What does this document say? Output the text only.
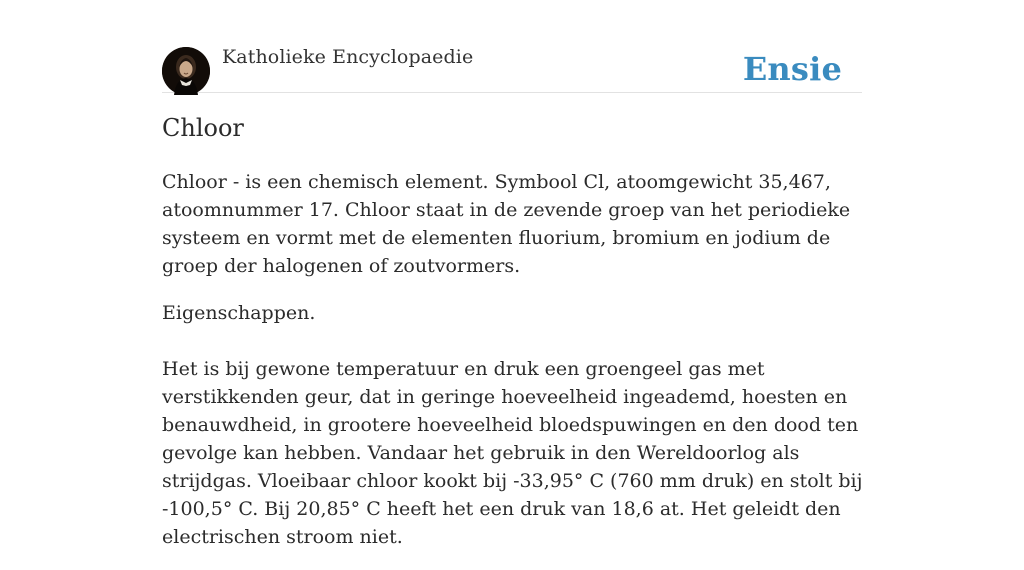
Katholieke Encyclopaedie	Ensie
Chloor

Chloor - is een chemisch element. Symbool Cl, atoomgewicht 35,467, atoomnummer 17. Chloor staat in de zevende groep van het periodieke systeem en vormt met de elementen fluorium, bromium en jodium de groep der halogenen of zoutvormers.

Eigenschappen.

Het is bij gewone temperatuur en druk een groengeel gas met verstikkenden geur, dat in geringe hoeveelheid ingeademd, hoesten en benauwdheid, in grootere hoeveelheid bloedspuwingen en den dood ten gevolge kan hebben. Vandaar het gebruik in den Wereldoorlog als strijdgas. Vloeibaar chloor kookt bij -33,95° C (760 mm druk) en stolt bij -100,5° C. Bij 20,85° C heeft het een druk van 18,6 at. Het geleidt den electrischen stroom niet.
